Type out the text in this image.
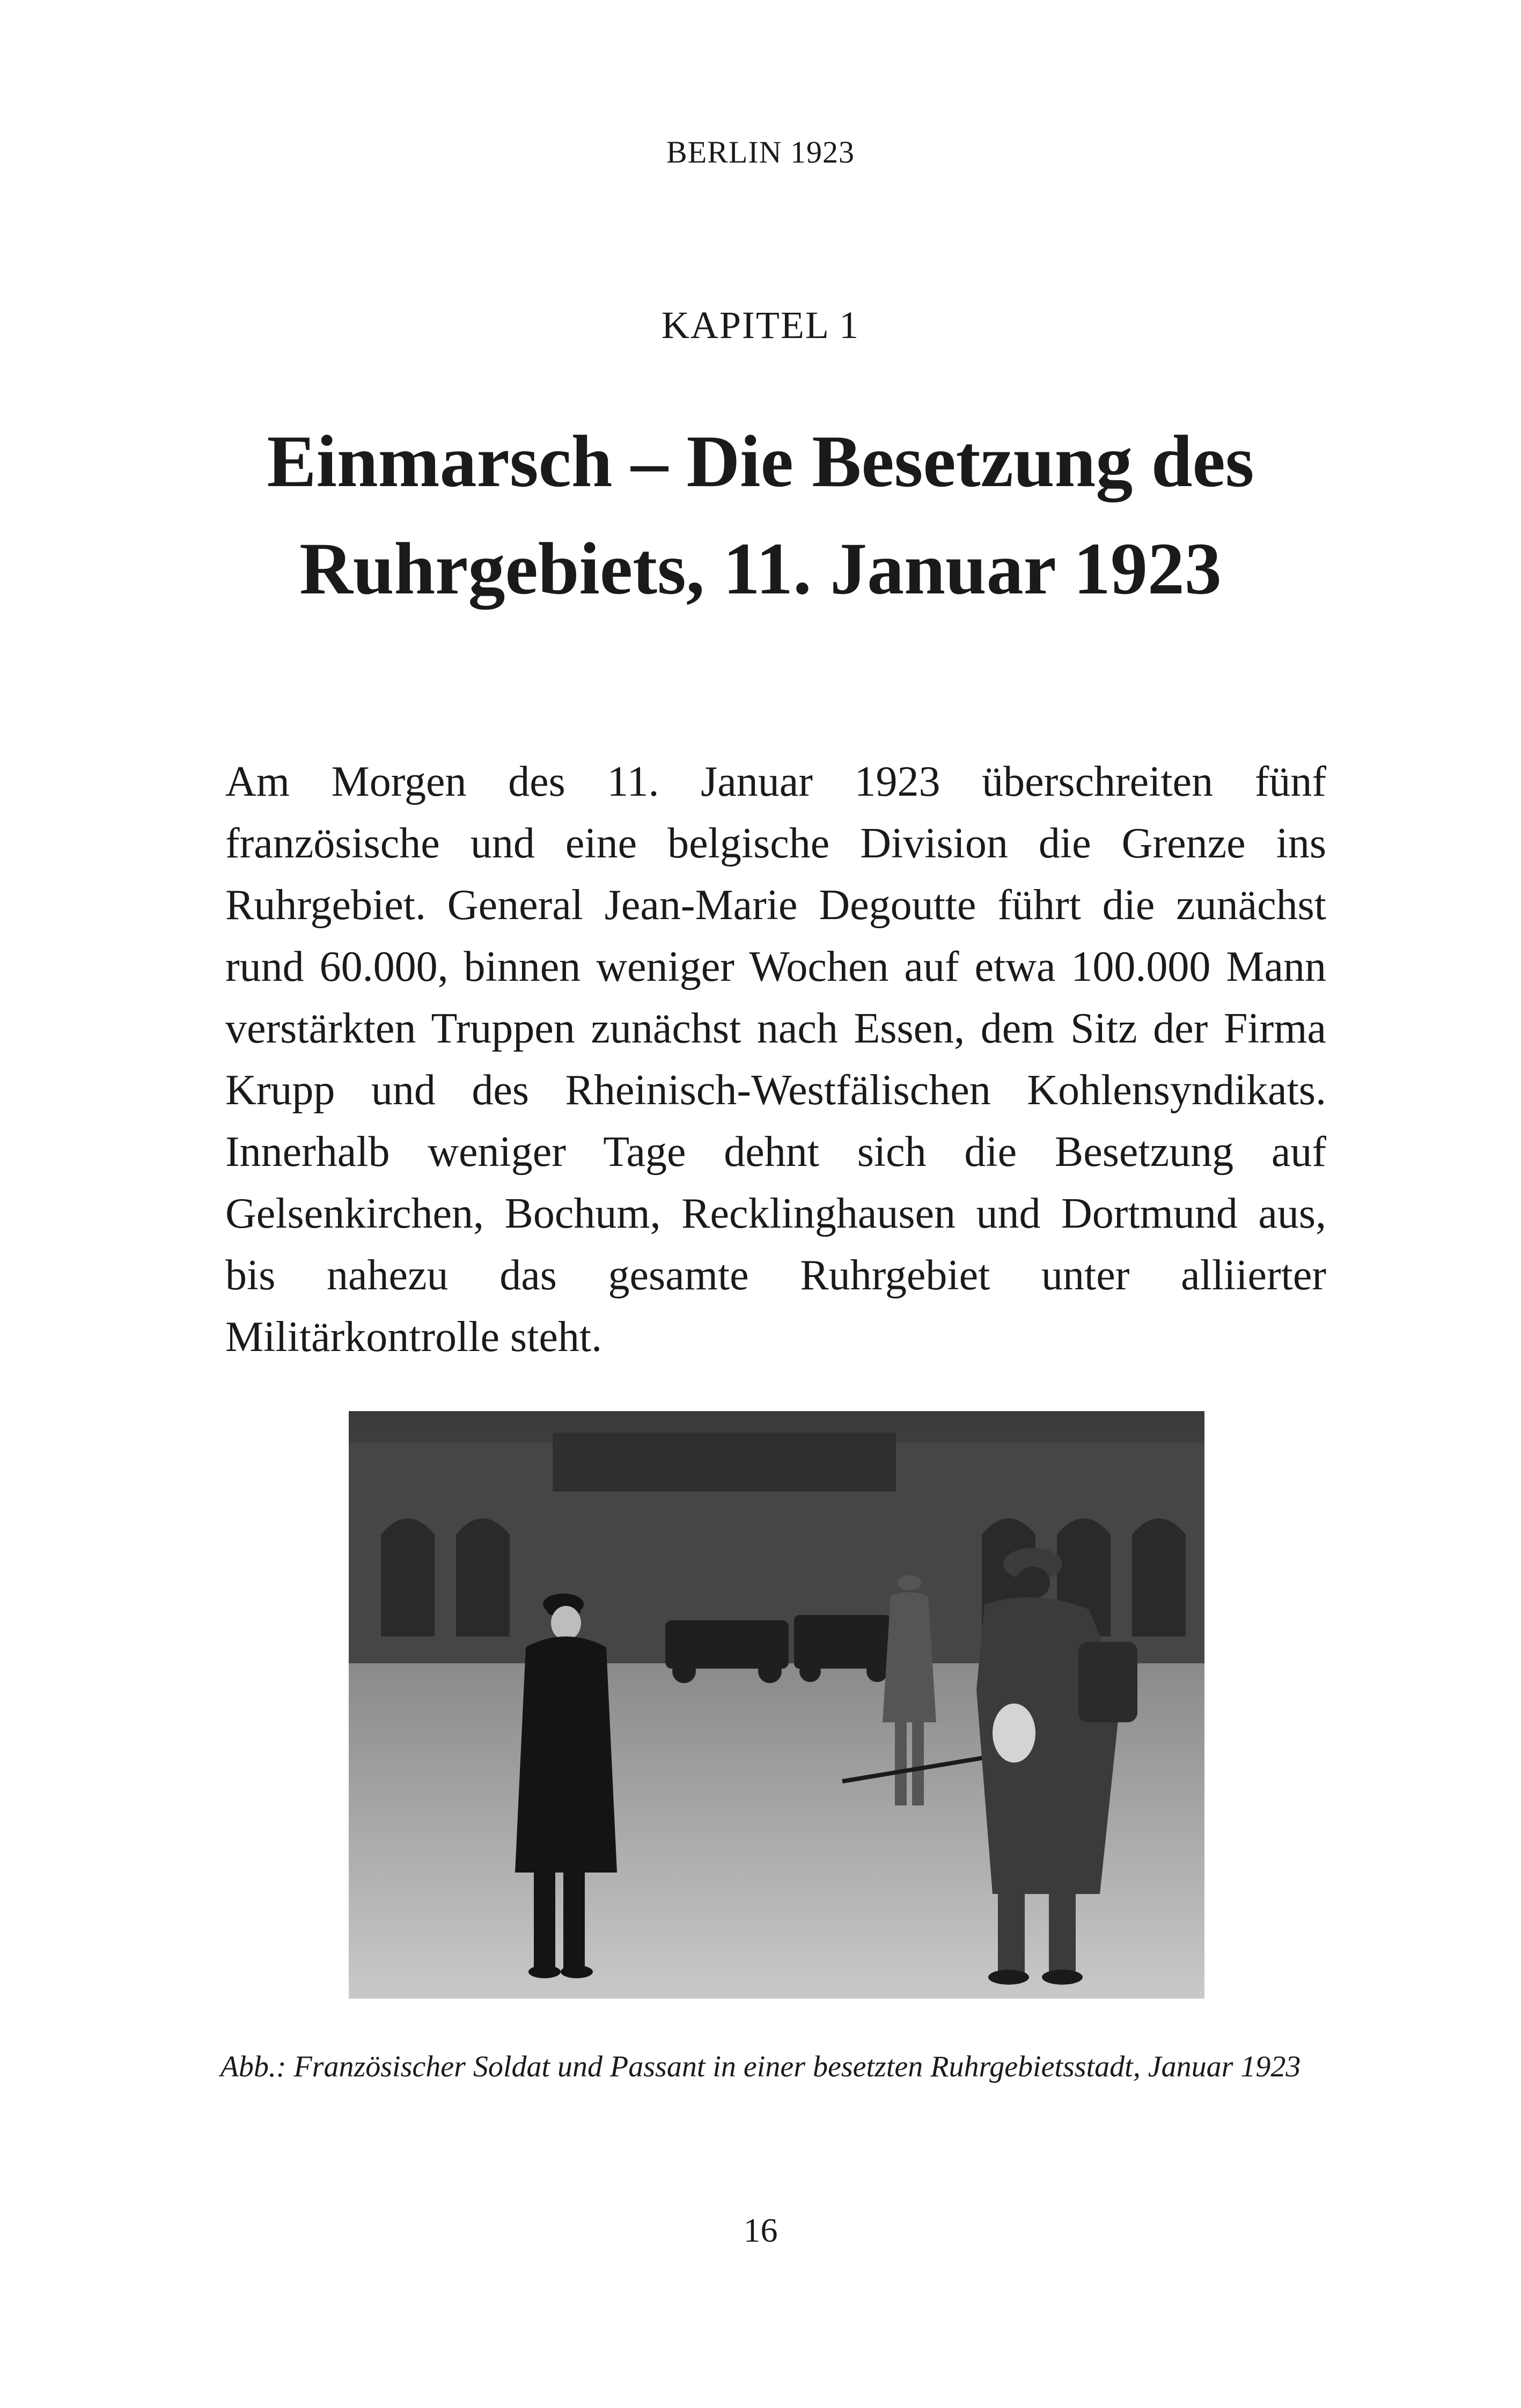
BERLIN 1923
KAPITEL 1
Einmarsch – Die Besetzung des Ruhrgebiets, 11. Januar 1923

Am Morgen des 11. Januar 1923 überschreiten fünf französische und eine belgische Division die Grenze ins Ruhrgebiet. General Jean-Marie Degoutte führt die zunächst rund 60.000, binnen weniger Wochen auf etwa 100.000 Mann verstärkten Truppen zunächst nach Essen, dem Sitz der Firma Krupp und des Rheinisch-Westfälischen Kohlensyndikats. Innerhalb weniger Tage dehnt sich die Besetzung auf Gelsenkirchen, Bochum, Recklinghausen und Dortmund aus, bis nahezu das gesamte Ruhrgebiet unter alliierter Militärkontrolle steht.

Abb.: Französischer Soldat und Passant in einer besetzten Ruhrgebietsstadt, Januar 1923
16
